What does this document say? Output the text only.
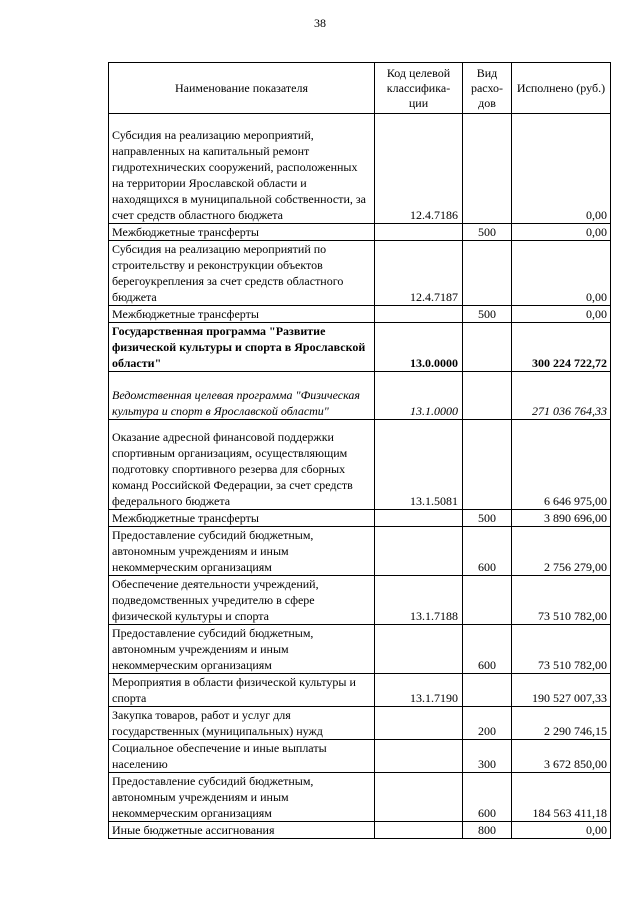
38
Наименование показателя	Код целевой классифика-ции	Вид расхо-дов	Исполнено (руб.)
Субсидия на реализацию мероприятий, направленных на капитальный ремонт гидротехнических сооружений, расположенных на территории Ярославской области и находящихся в муниципальной собственности, за счет средств областного бюджета	12.4.7186		0,00
Межбюджетные трансферты		500	0,00
Субсидия на реализацию мероприятий по строительству и реконструкции объектов берегоукрепления за счет средств областного бюджета	12.4.7187		0,00
Межбюджетные трансферты		500	0,00
Государственная программа "Развитие физической культуры и спорта в Ярославской области"	13.0.0000		300 224 722,72
Ведомственная целевая программа "Физическая культура и спорт в Ярославской области"	13.1.0000		271 036 764,33
Оказание адресной финансовой поддержки спортивным организациям, осуществляющим подготовку спортивного резерва для сборных команд Российской Федерации, за счет средств федерального бюджета	13.1.5081		6 646 975,00
Межбюджетные трансферты		500	3 890 696,00
Предоставление субсидий бюджетным, автономным учреждениям и иным некоммерческим организациям		600	2 756 279,00
Обеспечение деятельности учреждений, подведомственных учредителю в сфере физической культуры и спорта	13.1.7188		73 510 782,00
Предоставление субсидий бюджетным, автономным учреждениям и иным некоммерческим организациям		600	73 510 782,00
Мероприятия в области физической культуры и спорта	13.1.7190		190 527 007,33
Закупка товаров, работ и услуг для государственных (муниципальных) нужд		200	2 290 746,15
Социальное обеспечение и иные выплаты населению		300	3 672 850,00
Предоставление субсидий бюджетным, автономным учреждениям и иным некоммерческим организациям		600	184 563 411,18
Иные бюджетные ассигнования		800	0,00
